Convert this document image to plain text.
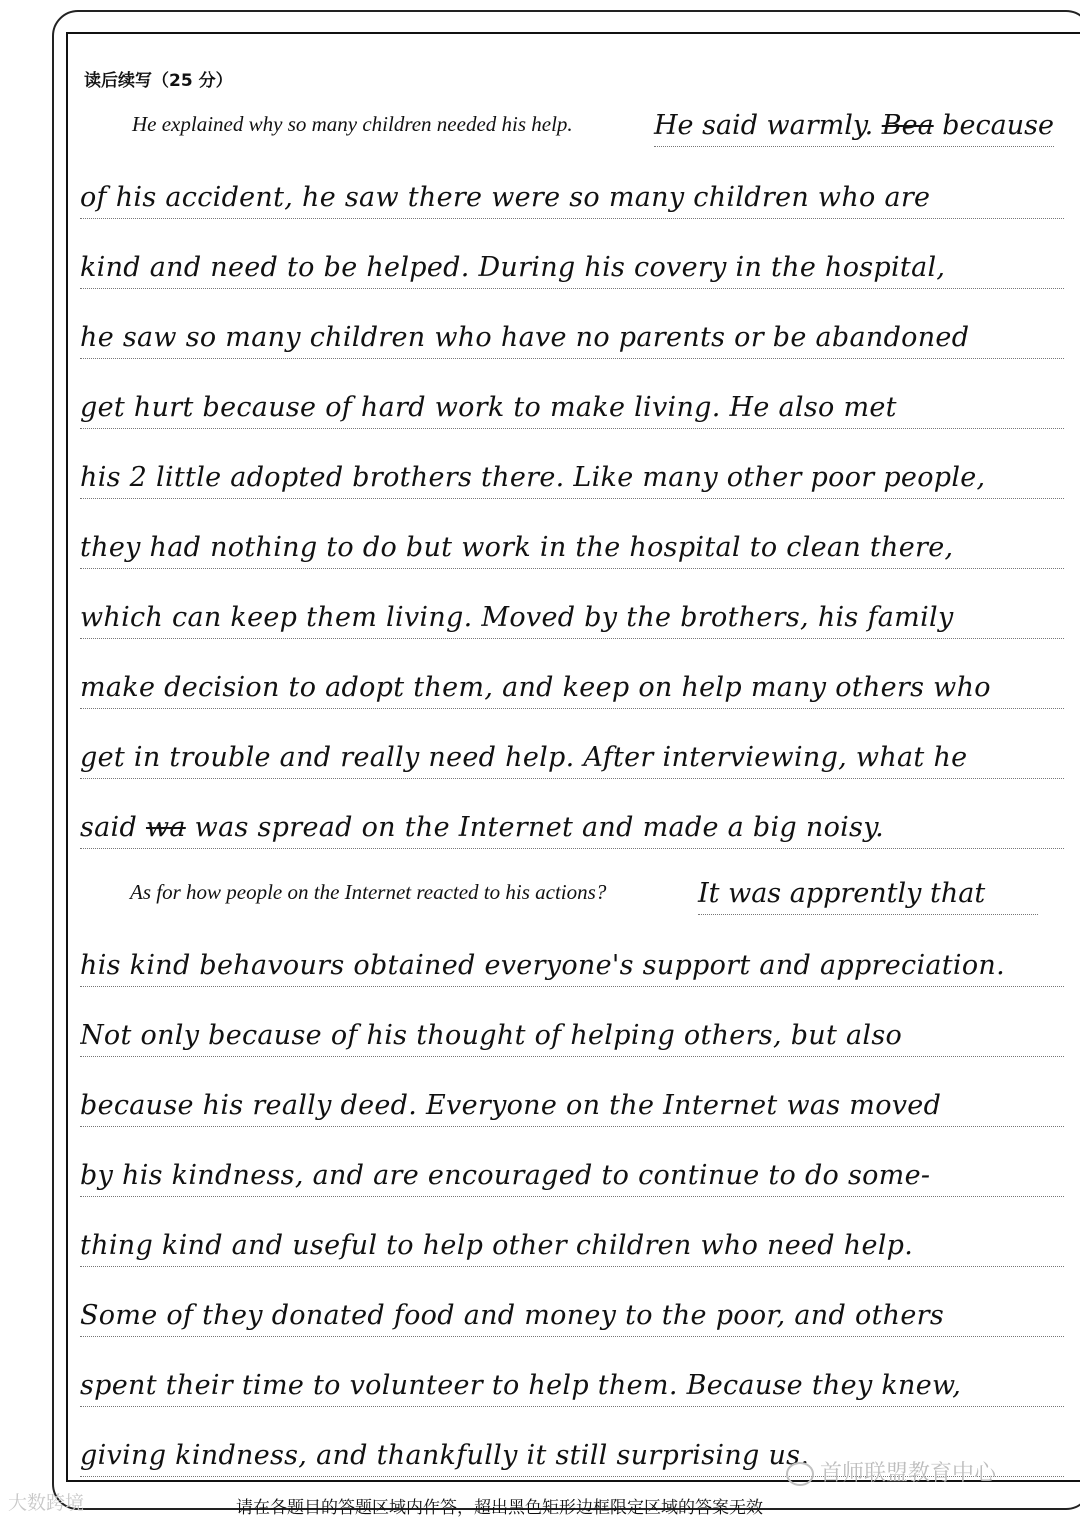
读后续写（25 分）
He explained why so many children needed his help.	He said warmly. Bea because
of his accident, he saw there were so many children who are
kind and need to be helped. During his covery in the hospital,
he saw so many children who have no parents or be abandoned
get hurt because of hard work to make living. He also met
his 2 little adopted brothers there. Like many other poor people,
they had nothing to do but work in the hospital to clean there,
which can keep them living. Moved by the brothers, his family
make decision to adopt them, and keep on help many others who
get in trouble and really need help. After interviewing, what he
said wa was spread on the Internet and made a big noisy.
As for how people on the Internet reacted to his actions?	It was apprently that
his kind behavours obtained everyone's support and appreciation.
Not only because of his thought of helping others, but also
because his really deed. Everyone on the Internet was moved
by his kindness, and are encouraged to continue to do some-
thing kind and useful to help other children who need help.
Some of they donated food and money to the poor, and others
spent their time to volunteer to help them. Because they knew,
giving kindness, and thankfully it still surprising us.
请在各题目的答题区域内作答，超出黑色矩形边框限定区域的答案无效
大数跨境
首师联盟教育中心
